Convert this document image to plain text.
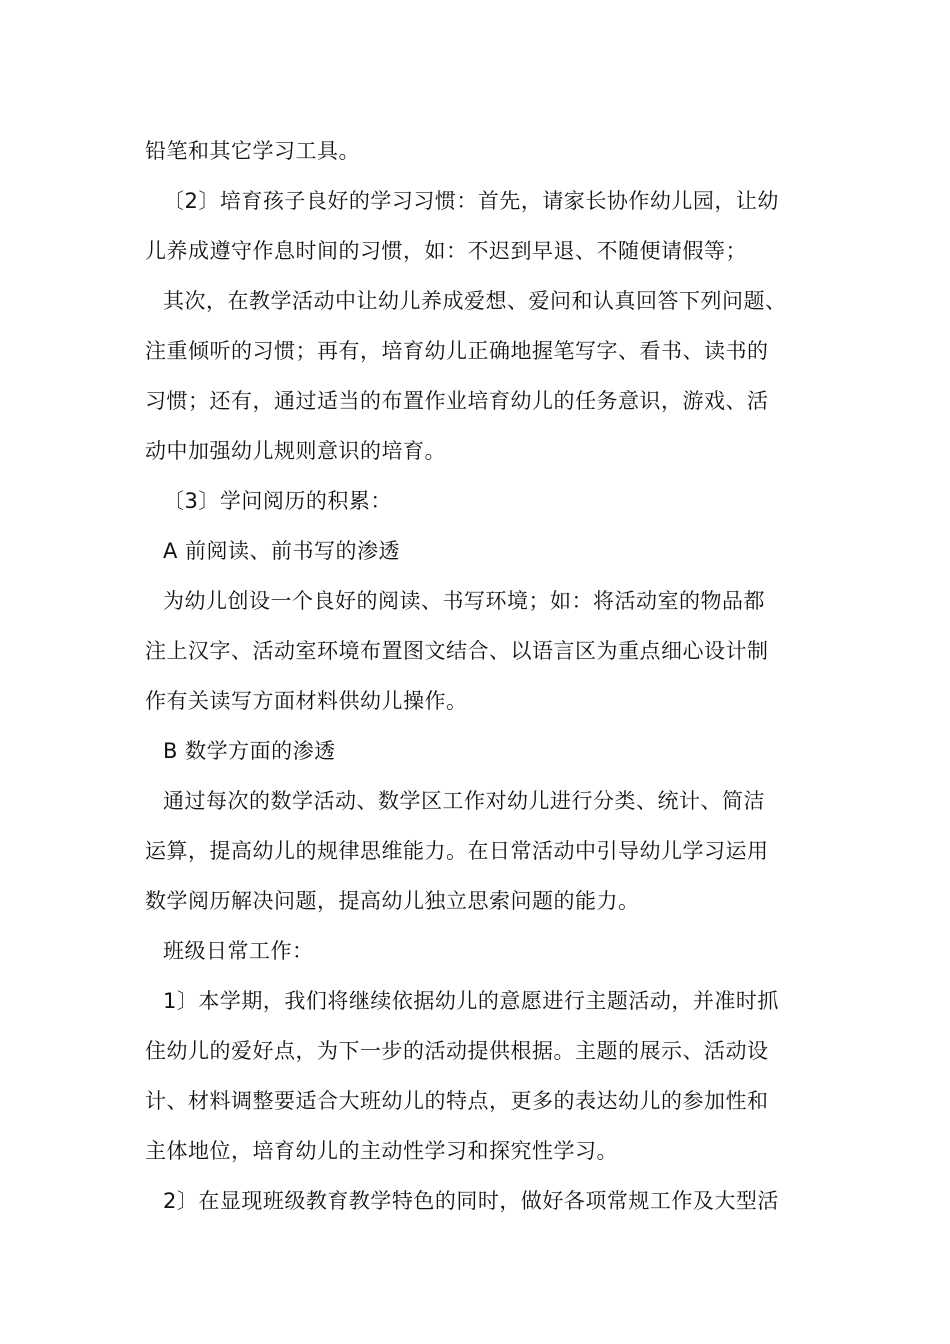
铅笔和其它学习工具。
〔2〕培育孩子良好的学习习惯：首先，请家长协作幼儿园，让幼
儿养成遵守作息时间的习惯，如：不迟到早退、不随便请假等；
其次，在教学活动中让幼儿养成爱想、爱问和认真回答下列问题、
注重倾听的习惯；再有，培育幼儿正确地握笔写字、看书、读书的
习惯；还有，通过适当的布置作业培育幼儿的任务意识，游戏、活
动中加强幼儿规则意识的培育。
〔3〕学问阅历的积累：
A 前阅读、前书写的渗透
为幼儿创设一个良好的阅读、书写环境；如：将活动室的物品都
注上汉字、活动室环境布置图文结合、以语言区为重点细心设计制
作有关读写方面材料供幼儿操作。
B 数学方面的渗透
通过每次的数学活动、数学区工作对幼儿进行分类、统计、简洁
运算，提高幼儿的规律思维能力。在日常活动中引导幼儿学习运用
数学阅历解决问题，提高幼儿独立思索问题的能力。
班级日常工作：
1〕本学期，我们将继续依据幼儿的意愿进行主题活动，并准时抓
住幼儿的爱好点，为下一步的活动提供根据。主题的展示、活动设
计、材料调整要适合大班幼儿的特点，更多的表达幼儿的参加性和
主体地位，培育幼儿的主动性学习和探究性学习。
2〕在显现班级教育教学特色的同时，做好各项常规工作及大型活
